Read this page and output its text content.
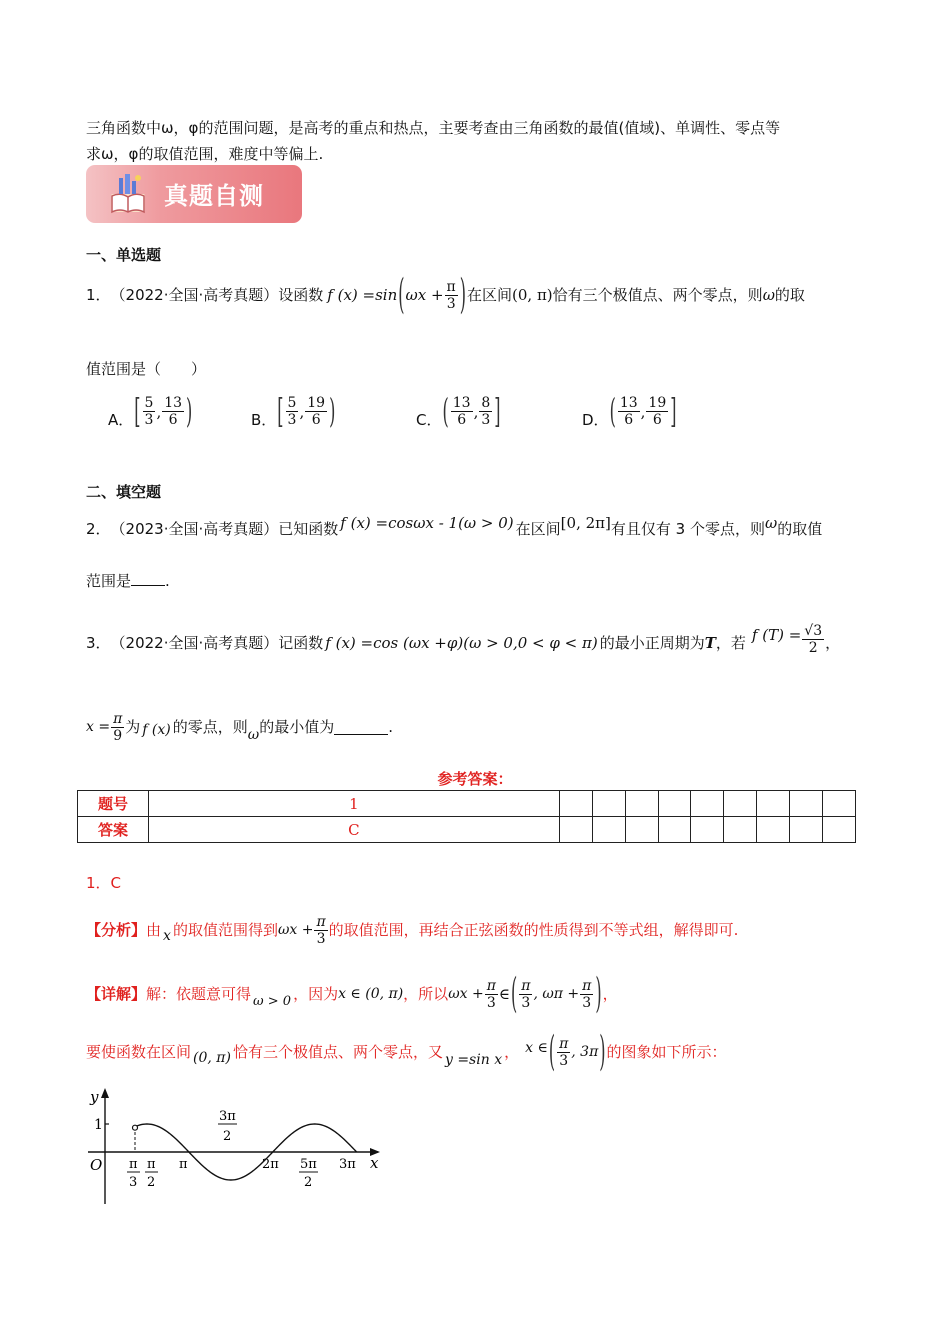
三角函数中ω，φ的范围问题，是高考的重点和热点，主要考查由三角函数的最值(值域)、单调性、零点等
求ω，φ的取值范围，难度中等偏上.
真题自测
一、单选题
1． （2022·全国·高考真题） 设函数 f (x) =sin ( $\omega x + \frac{\pi}{3}$ ) 在区间 (0, π) 恰有三个极值点、两个零点，则 ω 的取
值范围是（　　）
A． [ $\frac{5}{3}$ , $\frac{13}{6}$ )	B． [ $\frac{5}{3}$ , $\frac{19}{6}$ )	C． ( $\frac{13}{6}$ , $\frac{8}{3}$ ]	D． ( $\frac{13}{6}$ , $\frac{19}{6}$ ]
二、填空题
2． （2023·全国·高考真题） 已知函数 f (x) =cosωx - 1(ω > 0) 在区间 [0, 2π] 有且仅有 3 个零点，则 ω 的取值
范围是 .
3． （2022·全国·高考真题） 记函数 f (x) =cos (ωx +φ)(ω > 0,0 < φ < π) 的最小正周期为 T ，若 f $(T) = \frac{√3}{2}$ ，
$x = \frac{\pi}{9}$ 为 f (x) 的零点，则 ω 的最小值为	.
参考答案：
题号	1									
答案	C									
1．C
【分析】 由 x 的取值范围得到 $\omega x + \frac{\pi}{3}$ 的取值范围，再结合正弦函数的性质得到不等式组，解得即可.
【详解】 解：依题意可得 ω > 0 ，因为 x ∈ (0, π) ，所以 $\omega x + \frac{\pi}{3}$ ∈ ( $\frac{\pi}{3}$ , $\omega\pi + \frac{\pi}{3}$ ) ，
要使函数在区间 (0, π) 恰有三个极值点、两个零点，又 y =sin x ， x ∈ ( $\frac{\pi}{3}$ , 3π ) 的图象如下所示：
y
x
O
1
π
3
π
2
π
3π
2
2π 5π
2
3π
